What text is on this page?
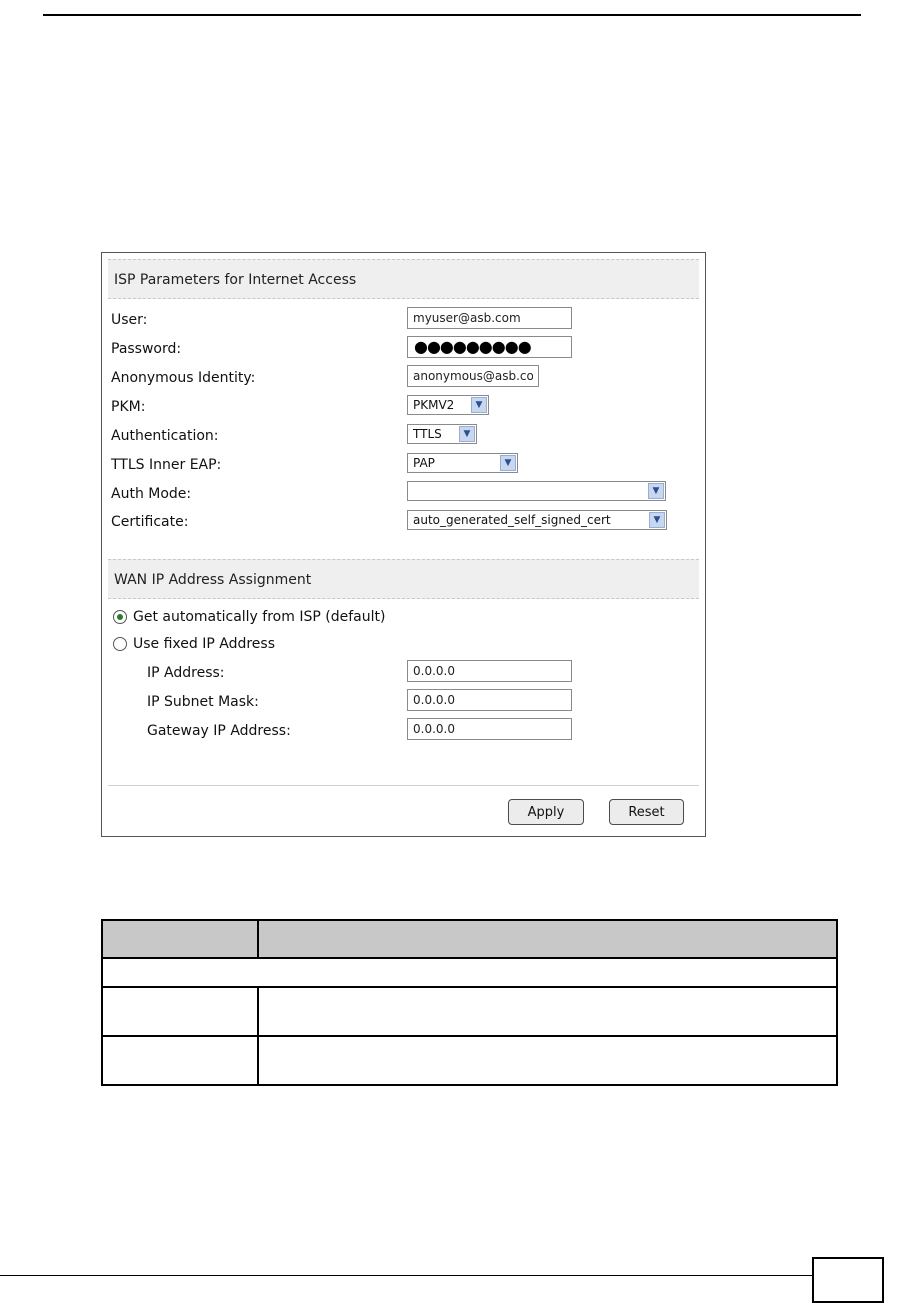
ISP Parameters for Internet Access
User:
myuser@asb.com
Password:	●●●●●●●●●
Anonymous Identity:
anonymous@asb.com
PKM:	PKMV2	▼
Authentication:	TTLS	▼
TTLS Inner EAP:	PAP	▼
Auth Mode:	▼
Certificate:	auto_generated_self_signed_cert	▼
WAN IP Address Assignment
Get automatically from ISP (default)
Use fixed IP Address
IP Address:
0.0.0.0
IP Subnet Mask:
0.0.0.0
Gateway IP Address:
0.0.0.0
Apply	Reset
